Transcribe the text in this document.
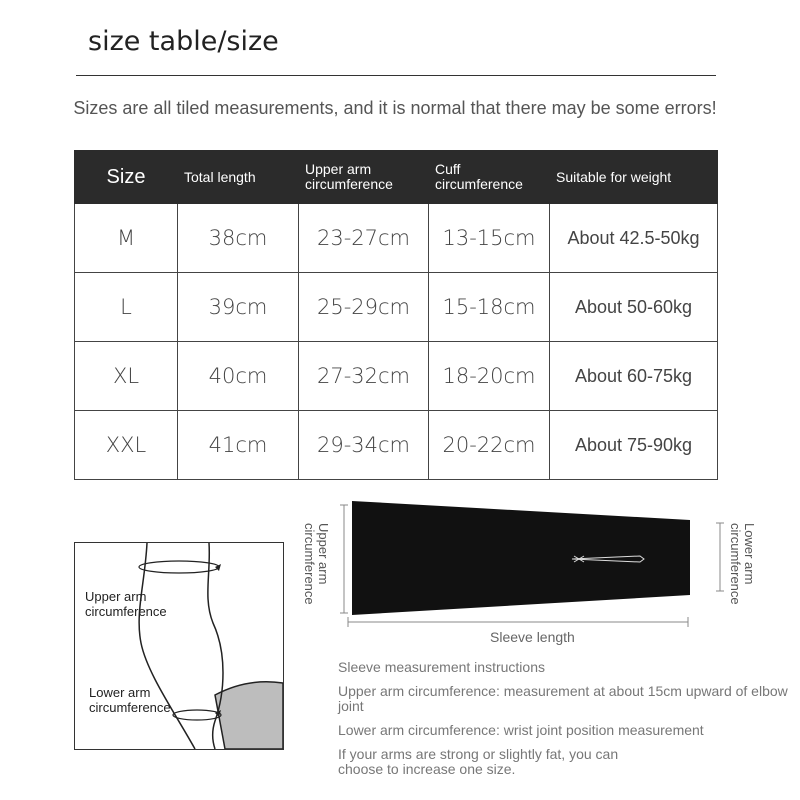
size table/size
Sizes are all tiled measurements, and it is normal that there may be some errors!
Size	Total length	Upper arm circumference	Cuff circumference	Suitable for weight
M	38cm	23-27cm	13-15cm	About 42.5-50kg
L	39cm	25-29cm	15-18cm	About 50-60kg
XL	40cm	27-32cm	18-20cm	About 60-75kg
XXL	41cm	29-34cm	20-22cm	About 75-90kg
Upper arm circumference
Lower arm circumference
Upper arm circumference	Lower arm circumference
Sleeve length

Sleeve measurement instructions

Upper arm circumference: measurement at about 15cm upward of elbow joint

Lower arm circumference: wrist joint position measurement

If your arms are strong or slightly fat, you can choose to increase one size.
